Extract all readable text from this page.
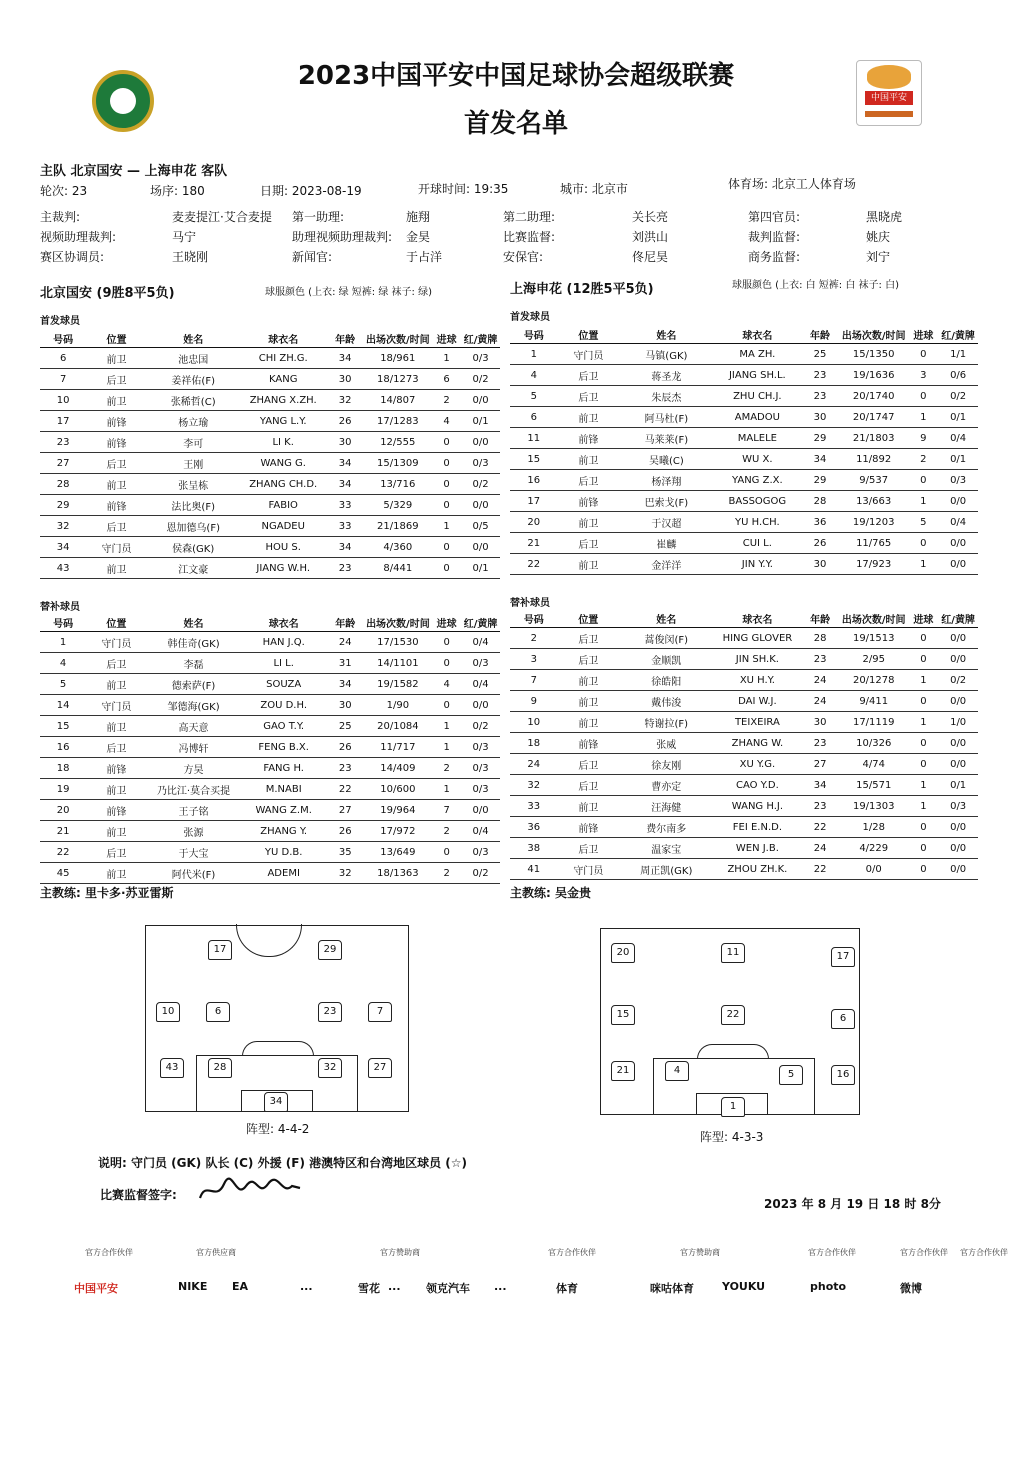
2023中国平安中国足球协会超级联赛
首发名单
中国平安
主队 北京国安 — 上海申花 客队
轮次: 23	场序: 180	日期: 2023-08-19	开球时间: 19:35	城市: 北京市	体育场: 北京工人体育场
主裁判:	麦麦提江·艾合麦提 第一助理:	施翔	第二助理:	关长亮	第四官员:	黑晓虎
视频助理裁判:	马宁	助理视频助理裁判: 金昊	比赛监督:	刘洪山	裁判监督:	姚庆
赛区协调员:	王晓刚	新闻官:	于占洋	安保官:	佟尼昊	商务监督:	刘宁
北京国安 (9胜8平5负)	球服颜色 (上衣: 绿 短裤: 绿 袜子: 绿)	上海申花 (12胜5平5负)	球服颜色 (上衣: 白 短裤: 白 袜子: 白)
首发球员	首发球员
替补球员	替补球员
号码	位置	姓名	球衣名	年龄	出场次数/时间	进球	红/黄牌
6	前卫	池忠国	CHI ZH.G.	34	18/961	1	0/3
7	后卫	姜祥佑(F)	KANG	30	18/1273	6	0/2
10	前卫	张稀哲(C)	ZHANG X.ZH.	32	14/807	2	0/0
17	前锋	杨立瑜	YANG L.Y.	26	17/1283	4	0/1
23	前锋	李可	LI K.	30	12/555	0	0/0
27	后卫	王刚	WANG G.	34	15/1309	0	0/3
28	前卫	张呈栋	ZHANG CH.D.	34	13/716	0	0/2
29	前锋	法比奥(F)	FABIO	33	5/329	0	0/0
32	后卫	恩加德乌(F)	NGADEU	33	21/1869	1	0/5
34	守门员	侯森(GK)	HOU S.	34	4/360	0	0/0
43	前卫	江文豪	JIANG W.H.	23	8/441	0	0/1
号码	位置	姓名	球衣名	年龄	出场次数/时间	进球	红/黄牌
1	守门员	马镇(GK)	MA ZH.	25	15/1350	0	1/1
4	后卫	蒋圣龙	JIANG SH.L.	23	19/1636	3	0/6
5	后卫	朱辰杰	ZHU CH.J.	23	20/1740	0	0/2
6	前卫	阿马杜(F)	AMADOU	30	20/1747	1	0/1
11	前锋	马莱莱(F)	MALELE	29	21/1803	9	0/4
15	前卫	吴曦(C)	WU X.	34	11/892	2	0/1
16	后卫	杨泽翔	YANG Z.X.	29	9/537	0	0/3
17	前锋	巴索戈(F)	BASSOGOG	28	13/663	1	0/0
20	前卫	于汉超	YU H.CH.	36	19/1203	5	0/4
21	后卫	崔麟	CUI L.	26	11/765	0	0/0
22	前卫	金洋洋	JIN Y.Y.	30	17/923	1	0/0
号码	位置	姓名	球衣名	年龄	出场次数/时间	进球	红/黄牌
1	守门员	韩佳奇(GK)	HAN J.Q.	24	17/1530	0	0/4
4	后卫	李磊	LI L.	31	14/1101	0	0/3
5	前卫	德索萨(F)	SOUZA	34	19/1582	4	0/4
14	守门员	邹德海(GK)	ZOU D.H.	30	1/90	0	0/0
15	前卫	高天意	GAO T.Y.	25	20/1084	1	0/2
16	后卫	冯博轩	FENG B.X.	26	11/717	1	0/3
18	前锋	方昊	FANG H.	23	14/409	2	0/3
19	前卫	乃比江·莫合买提	M.NABI	22	10/600	1	0/3
20	前锋	王子铭	WANG Z.M.	27	19/964	7	0/0
21	前卫	张源	ZHANG Y.	26	17/972	2	0/4
22	后卫	于大宝	YU D.B.	35	13/649	0	0/3
45	前卫	阿代米(F)	ADEMI	32	18/1363	2	0/2
号码	位置	姓名	球衣名	年龄	出场次数/时间	进球	红/黄牌
2	后卫	蒿俊闵(F)	HING GLOVER	28	19/1513	0	0/0
3	后卫	金顺凯	JIN SH.K.	23	2/95	0	0/0
7	前卫	徐皓阳	XU H.Y.	24	20/1278	1	0/2
9	前卫	戴伟浚	DAI W.J.	24	9/411	0	0/0
10	前卫	特谢拉(F)	TEIXEIRA	30	17/1119	1	1/0
18	前锋	张威	ZHANG W.	23	10/326	0	0/0
24	后卫	徐友刚	XU Y.G.	27	4/74	0	0/0
32	后卫	曹亦定	CAO Y.D.	34	15/571	1	0/1
33	前卫	汪海健	WANG H.J.	23	19/1303	1	0/3
36	前锋	费尔南多	FEI E.N.D.	22	1/28	0	0/0
38	后卫	温家宝	WEN J.B.	24	4/229	0	0/0
41	守门员	周正凯(GK)	ZHOU ZH.K.	22	0/0	0	0/0
主教练: 里卡多·苏亚雷斯	主教练: 吴金贵
17	29
10	6	23	7
43	28	32	27
34
阵型: 4-4-2
20	11	17
15	22	6
21	4	5	16
1
阵型: 4-3-3
说明: 守门员 (GK) 队长 (C) 外援 (F) 港澳特区和台湾地区球员 (☆)
比赛监督签字:
2023 年 8 月 19 日 18 时 8分
官方合作伙伴	官方供应商	官方赞助商	官方合作伙伴	官方赞助商	官方合作伙伴	官方合作伙伴 官方合作伙伴
中国平安	NIKE EA	...	雪花 ... 领克汽车 ...	体育	咪咕体育	YOUKU	photo	微博
